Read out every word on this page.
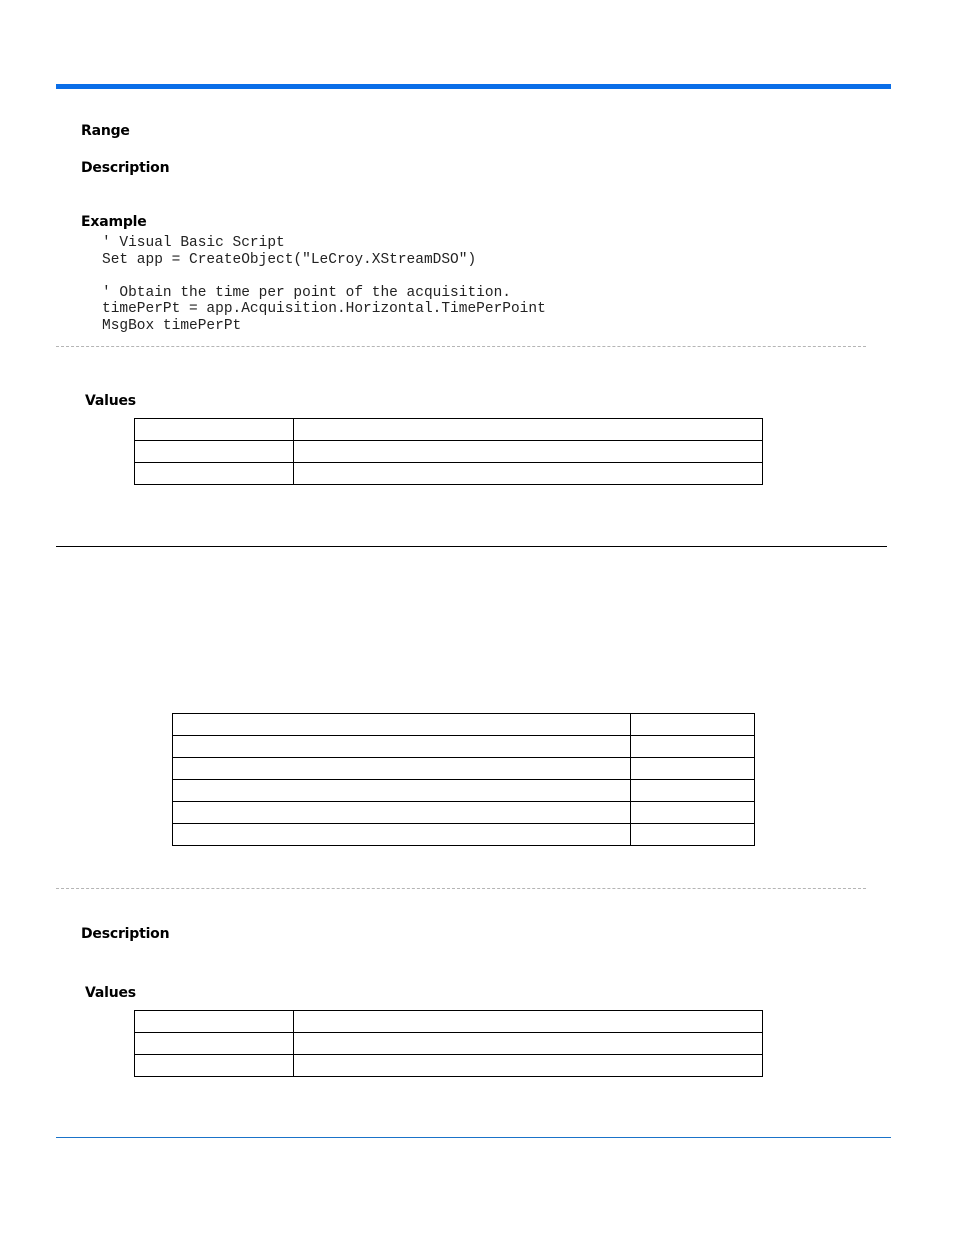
Range
Description
Example
' Visual Basic Script
Set app = CreateObject("LeCroy.XStreamDSO")

' Obtain the time per point of the acquisition.
timePerPt = app.Acquisition.Horizontal.TimePerPoint
MsgBox timePerPt
Values

Description
Values
